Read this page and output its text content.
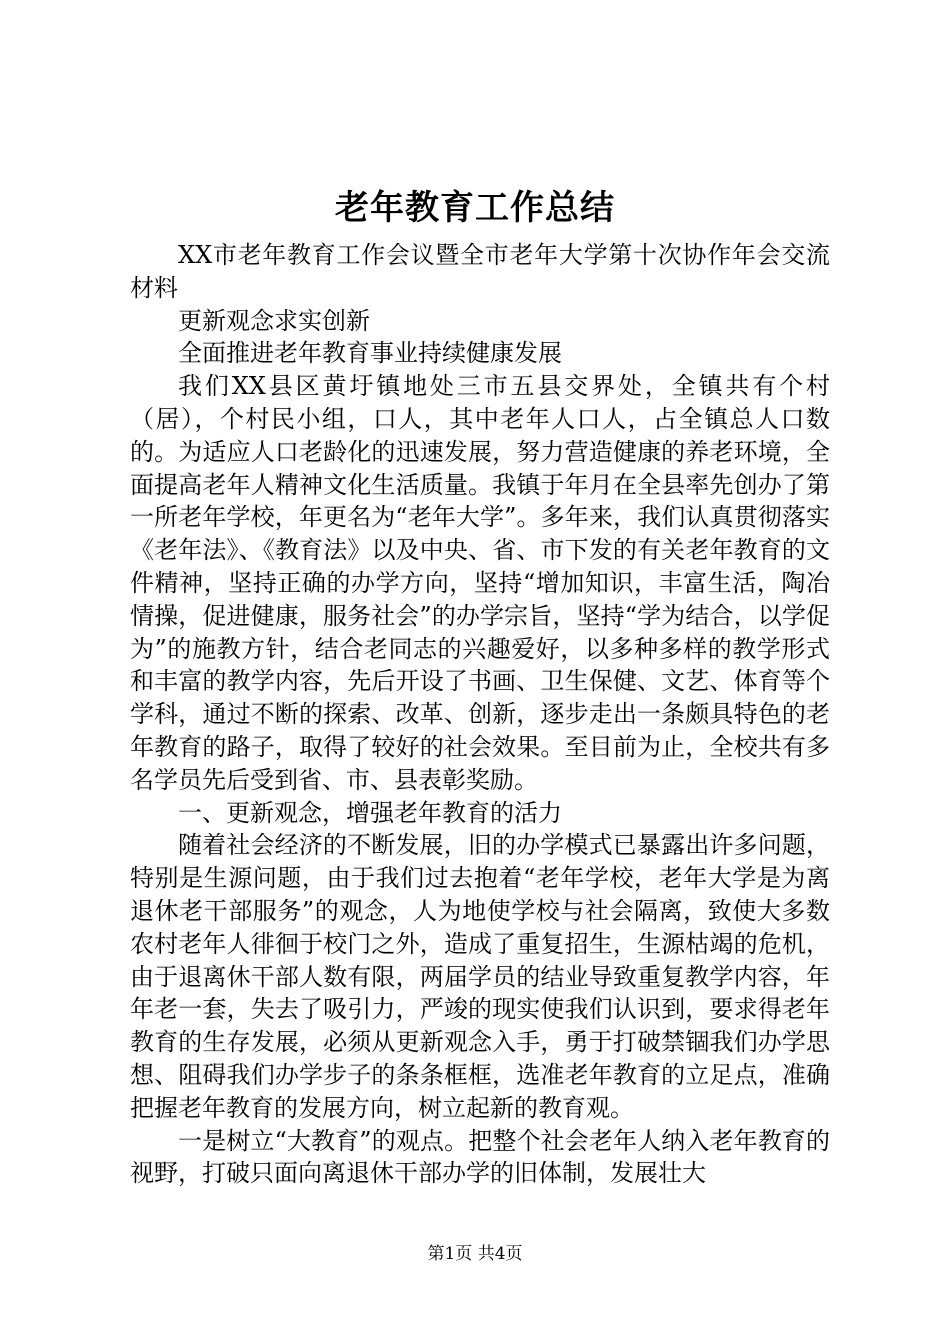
老年教育工作总结

XX市老年教育工作会议暨全市老年大学第十次协作年会交流材料

更新观念求实创新

全面推进老年教育事业持续健康发展

我们XX县区黄圩镇地处三市五县交界处，全镇共有个村（居），个村民小组，口人，其中老年人口人，占全镇总人口数的。为适应人口老龄化的迅速发展，努力营造健康的养老环境，全面提高老年人精神文化生活质量。我镇于年月在全县率先创办了第一所老年学校，年更名为“老年大学”。多年来，我们认真贯彻落实《老年法》、《教育法》以及中央、省、市下发的有关老年教育的文件精神，坚持正确的办学方向，坚持“增加知识，丰富生活，陶冶情操，促进健康，服务社会”的办学宗旨，坚持“学为结合，以学促为”的施教方针，结合老同志的兴趣爱好，以多种多样的教学形式和丰富的教学内容，先后开设了书画、卫生保健、文艺、体育等个学科，通过不断的探索、改革、创新，逐步走出一条颇具特色的老年教育的路子，取得了较好的社会效果。至目前为止，全校共有多名学员先后受到省、市、县表彰奖励。

一、更新观念，增强老年教育的活力

随着社会经济的不断发展，旧的办学模式已暴露出许多问题，特别是生源问题，由于我们过去抱着“老年学校，老年大学是为离退休老干部服务”的观念，人为地使学校与社会隔离，致使大多数农村老年人徘徊于校门之外，造成了重复招生，生源枯竭的危机，由于退离休干部人数有限，两届学员的结业导致重复教学内容，年年老一套，失去了吸引力，严竣的现实使我们认识到，要求得老年教育的生存发展，必须从更新观念入手，勇于打破禁锢我们办学思想、阻碍我们办学步子的条条框框，选准老年教育的立足点，准确把握老年教育的发展方向，树立起新的教育观。

一是树立“大教育”的观点。把整个社会老年人纳入老年教育的视野，打破只面向离退休干部办学的旧体制，发展壮大

第1页 共4页
